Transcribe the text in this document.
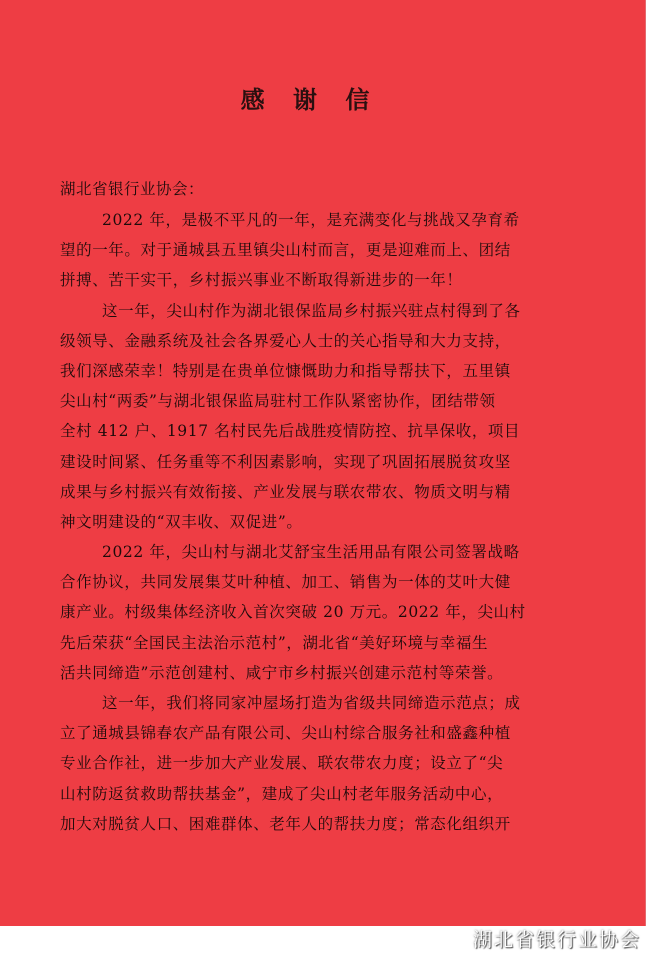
感 谢 信

湖北省银行业协会：

2022 年，是极不平凡的一年，是充满变化与挑战又孕育希
望的一年。对于通城县五里镇尖山村而言，更是迎难而上、团结
拼搏、苦干实干，乡村振兴事业不断取得新进步的一年！
这一年，尖山村作为湖北银保监局乡村振兴驻点村得到了各
级领导、金融系统及社会各界爱心人士的关心指导和大力支持，
我们深感荣幸！特别是在贵单位慷慨助力和指导帮扶下，五里镇
尖山村“两委”与湖北银保监局驻村工作队紧密协作，团结带领
全村 412 户、1917 名村民先后战胜疫情防控、抗旱保收，项目
建设时间紧、任务重等不利因素影响，实现了巩固拓展脱贫攻坚
成果与乡村振兴有效衔接、产业发展与联农带农、物质文明与精
神文明建设的“双丰收、双促进”。
2022 年，尖山村与湖北艾舒宝生活用品有限公司签署战略
合作协议，共同发展集艾叶种植、加工、销售为一体的艾叶大健
康产业。村级集体经济收入首次突破 20 万元。2022 年，尖山村
先后荣获“全国民主法治示范村”，湖北省“美好环境与幸福生
活共同缔造”示范创建村、咸宁市乡村振兴创建示范村等荣誉。
这一年，我们将同家冲屋场打造为省级共同缔造示范点；成
立了通城县锦春农产品有限公司、尖山村综合服务社和盛鑫种植
专业合作社，进一步加大产业发展、联农带农力度；设立了“尖
山村防返贫救助帮扶基金”，建成了尖山村老年服务活动中心，
加大对脱贫人口、困难群体、老年人的帮扶力度；常态化组织开
湖北省银行业协会
